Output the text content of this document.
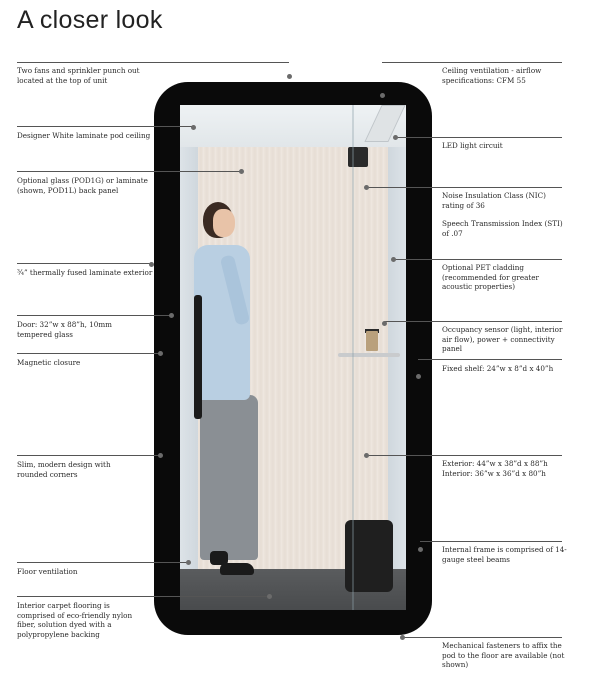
A closer look
Two fans and sprinkler punch out located at the top of unit
Designer White laminate pod ceiling
Optional glass (POD1G) or laminate (shown, POD1L) back panel
¾” thermally fused laminate exterior
Door: 32”w x 88”h, 10mm tempered glass
Magnetic closure
Slim, modern design with rounded corners
Floor ventilation
Interior carpet flooring is comprised of eco-friendly nylon fiber, solution dyed with a polypropylene backing
Ceiling ventilation - airflow specifications: CFM 55
LED light circuit
Noise Insulation Class (NIC) rating of 36
Speech Transmission Index (STI) of .07
Optional PET cladding (recommended for greater acoustic properties)
Occupancy sensor (light, interior air flow), power + connectivity panel
Fixed shelf: 24”w x 8”d x 40”h
Exterior: 44”w x 38”d x 88”h Interior: 36”w x 36”d x 80”h
Internal frame is comprised of 14-gauge steel beams
Mechanical fasteners to affix the pod to the floor are available (not shown)
